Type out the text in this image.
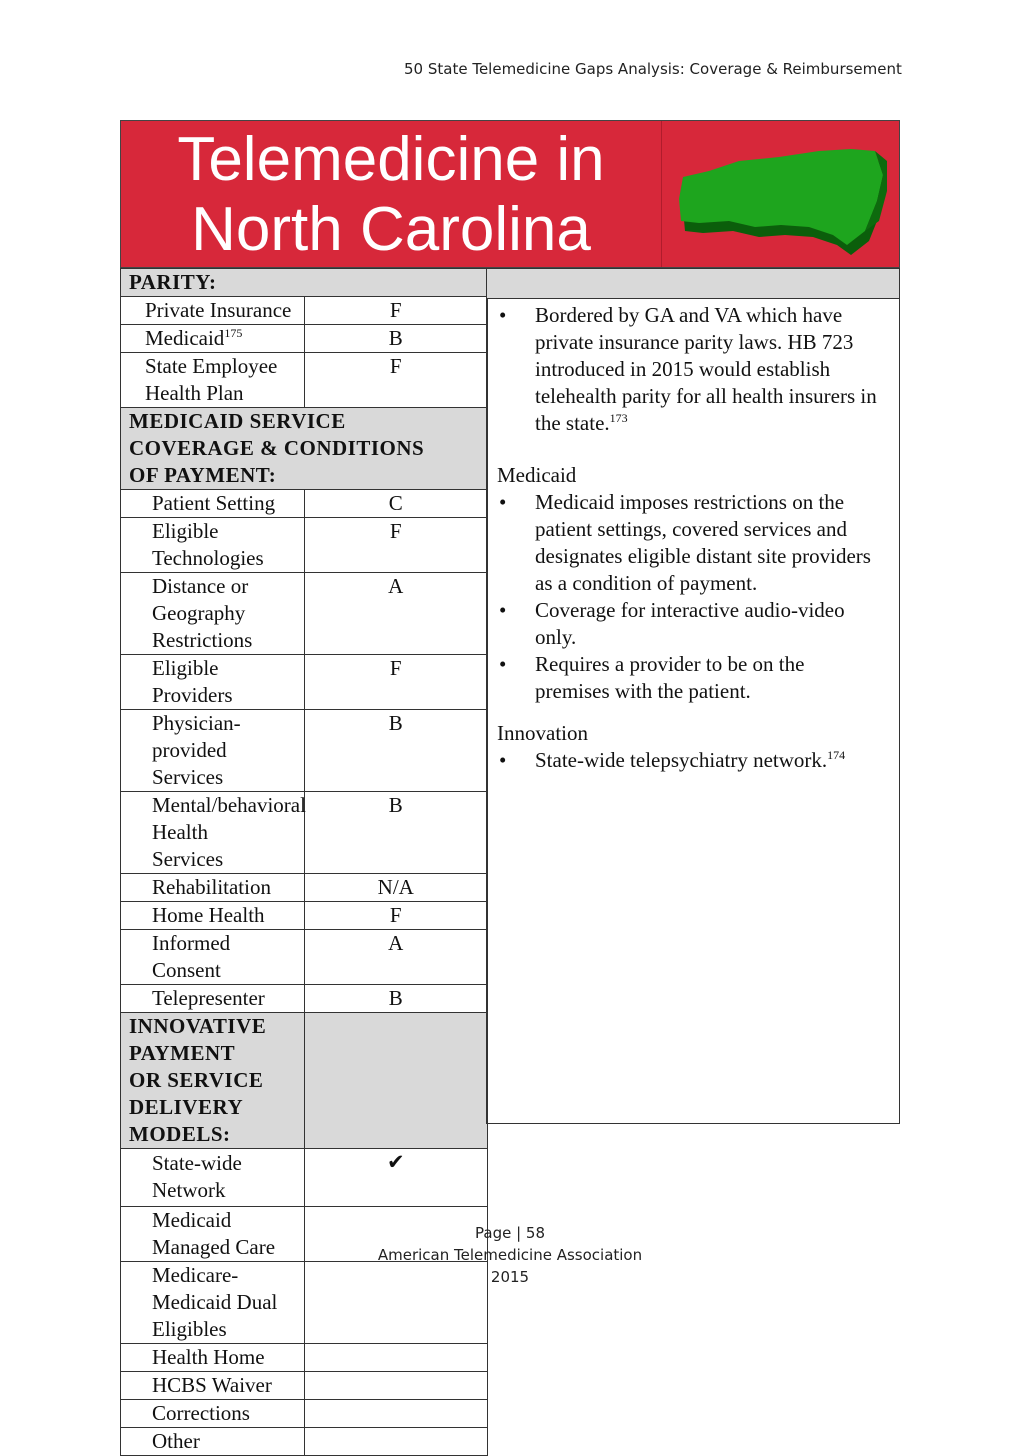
50 State Telemedicine Gaps Analysis: Coverage & Reimbursement
Telemedicine in
North Carolina
PARITY:	
Private Insurance	F
Medicaid$^{175}$	B
State Employee Health Plan	F

MEDICAID SERVICE
COVERAGE & CONDITIONS
OF PAYMENT:	

Patient Setting	C
Eligible Technologies	F

Distance or Geography
Restrictions	A
Eligible Providers	F

Physician-provided
Services	B

Mental/behavioral Health
Services	B
Rehabilitation	N/A
Home Health	F
Informed Consent	A
Telepresenter	B

INNOVATIVE PAYMENT
OR SERVICE DELIVERY
MODELS:	

State-wide Network	✔
Medicaid Managed Care	

Medicare-Medicaid Dual
Eligibles	

Health Home	
HCBS Waiver	
Corrections	
Other	
• Bordered by GA and VA which have private insurance parity laws. HB 723 introduced in 2015 would establish telehealth parity for all health insurers in the state.$^{173}$
Medicaid
• Medicaid imposes restrictions on the patient settings, covered services and designates eligible distant site providers as a condition of payment.
• Coverage for interactive audio-video only.
• Requires a provider to be on the premises with the patient.
Innovation
• State-wide telepsychiatry network.$^{174}$
Page | 58
American Telemedicine Association
2015
